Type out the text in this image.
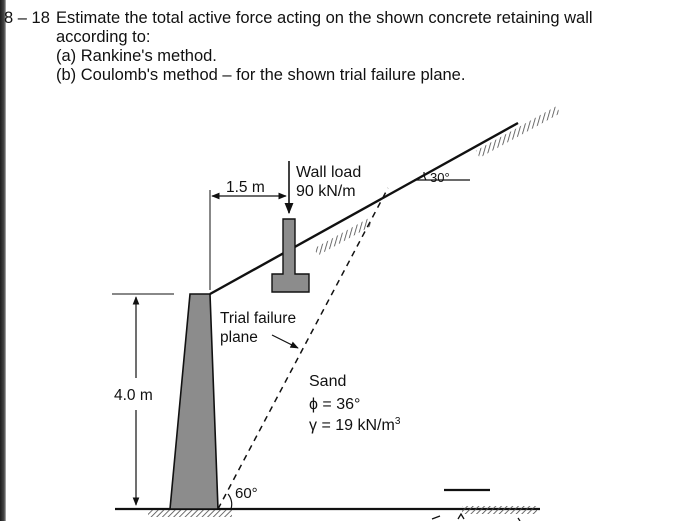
8 – 18 Estimate the total active force acting on the shown concrete retaining wall
according to:
(a) Rankine's method.
(b) Coulomb's method – for the shown trial failure plane.
30°
Wall load
90 kN/m
1.5 m
Trial failure
plane
60°
4.0 m
Sand
ϕ = 36°
γ = 19 $kN/m^3$
